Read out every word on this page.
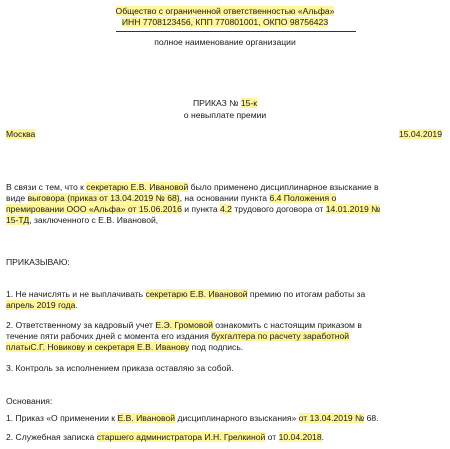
Общество с ограниченной ответственностью «Альфа»
ИНН 7708123456, КПП 770801001, ОКПО 98756423
полное наименование организации
ПРИКАЗ № 15-к
о невыплате премии
Москва	15.04.2019
В связи с тем, что к секретарю Е.В. Ивановой было применено дисциплинарное взыскание в
виде выговора (приказ от 13.04.2019 № 68), на основании пункта 6.4 Положения о
премировании ООО «Альфа» от 15.06.2016 и пункта 4.2 трудового договора от 14.01.2019 №
15-ТД, заключенного с Е.В. Ивановой,
ПРИКАЗЫВАЮ:
1. Не начислять и не выплачивать секретарю Е.В. Ивановой премию по итогам работы за
апрель 2019 года.
2. Ответственному за кадровый учет Е.Э. Громовой ознакомить с настоящим приказом в
течение пяти рабочих дней с момента его издания бухгалтера по расчету заработной
платыС.Г. Новикову и секретаря Е.В. Иванову под подпись.
3. Контроль за исполнением приказа оставляю за собой.
Основания:
1. Приказ «О применении к Е.В. Ивановой дисциплинарного взыскания» от 13.04.2019 № 68.
2. Служебная записка старшего администратора И.Н. Грелкиной от 10.04.2018.
